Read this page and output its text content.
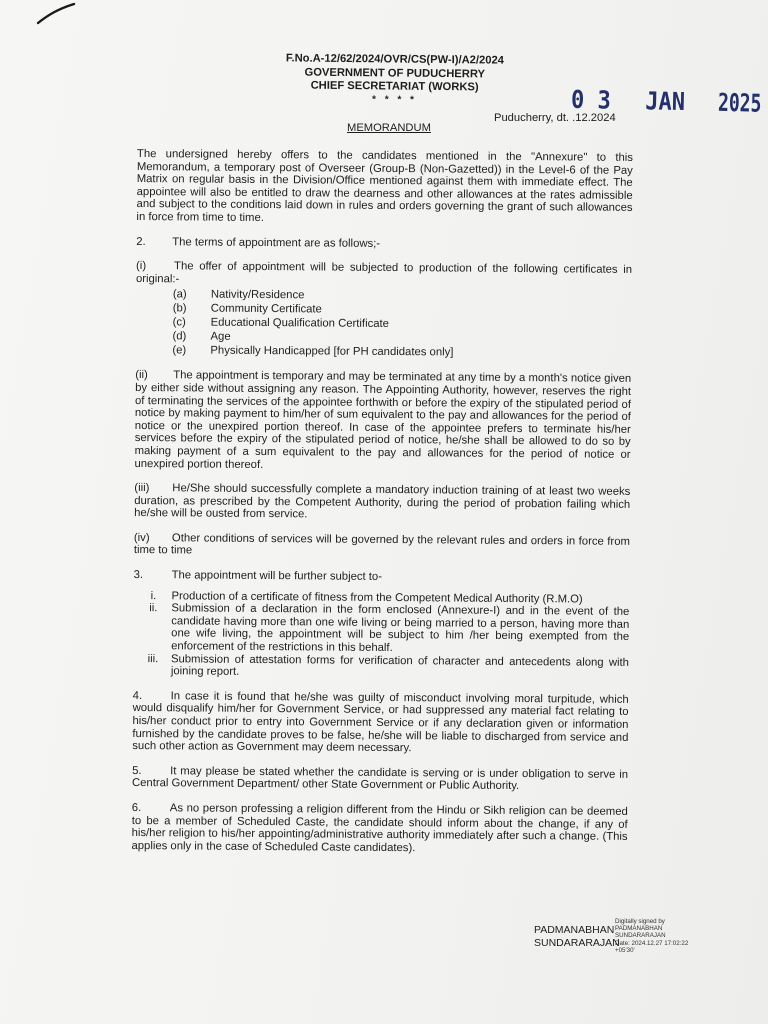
F.No.A-12/62/2024/OVR/CS(PW-I)/A2/2024
GOVERNMENT OF PUDUCHERRY
CHIEF SECRETARIAT (WORKS)
* * * *	0 3 JAN 2025
Puducherry, dt. .12.2024
MEMORANDUM

The undersigned hereby offers to the candidates mentioned in the "Annexure" to this Memorandum, a temporary post of Overseer (Group-B (Non-Gazetted)) in the Level-6 of the Pay Matrix on regular basis in the Division/Office mentioned against them with immediate effect. The appointee will also be entitled to draw the dearness and other allowances at the rates admissible and subject to the conditions laid down in rules and orders governing the grant of such allowances in force from time to time.

2. The terms of appointment are as follows;-

(i) The offer of appointment will be subjected to production of the following certificates in original:-

(a)	Nativity/Residence
(b)	Community Certificate
(c)	Educational Qualification Certificate
(d)	Age
(e)	Physically Handicapped [for PH candidates only]

(ii) The appointment is temporary and may be terminated at any time by a month's notice given by either side without assigning any reason. The Appointing Authority, however, reserves the right of terminating the services of the appointee forthwith or before the expiry of the stipulated period of notice by making payment to him/her of sum equivalent to the pay and allowances for the period of notice or the unexpired portion thereof. In case of the appointee prefers to terminate his/her services before the expiry of the stipulated period of notice, he/she shall be allowed to do so by making payment of a sum equivalent to the pay and allowances for the period of notice or unexpired portion thereof.

(iii) He/She should successfully complete a mandatory induction training of at least two weeks duration, as prescribed by the Competent Authority, during the period of probation failing which he/she will be ousted from service.

(iv) Other conditions of services will be governed by the relevant rules and orders in force from time to time

3.	The appointment will be further subject to-

i.	Production of a certificate of fitness from the Competent Medical Authority (R.M.O)
ii.	Submission of a declaration in the form enclosed (Annexure-I) and in the event of the candidate having more than one wife living or being married to a person, having more than one wife living, the appointment will be subject to him /her being exempted from the enforcement of the restrictions in this behalf.
iii.	Submission of attestation forms for verification of character and antecedents along with joining report.

4.	In case it is found that he/she was guilty of misconduct involving moral turpitude, which would disqualify him/her for Government Service, or had suppressed any material fact relating to his/her conduct prior to entry into Government Service or if any declaration given or information furnished by the candidate proves to be false, he/she will be liable to discharged from service and such other action as Government may deem necessary.

5.	It may please be stated whether the candidate is serving or is under obligation to serve in Central Government Department/ other State Government or Public Authority.

6.	As no person professing a religion different from the Hindu or Sikh religion can be deemed to be a member of Scheduled Caste, the candidate should inform about the change, if any of his/her religion to his/her appointing/administrative authority immediately after such a change. (This applies only in the case of Scheduled Caste candidates).

PADMANABHAN
SUNDARARAJAN
Digitally signed by
PADMANABHAN
SUNDARARAJAN
Date: 2024.12.27 17:02:22
+05'30'
